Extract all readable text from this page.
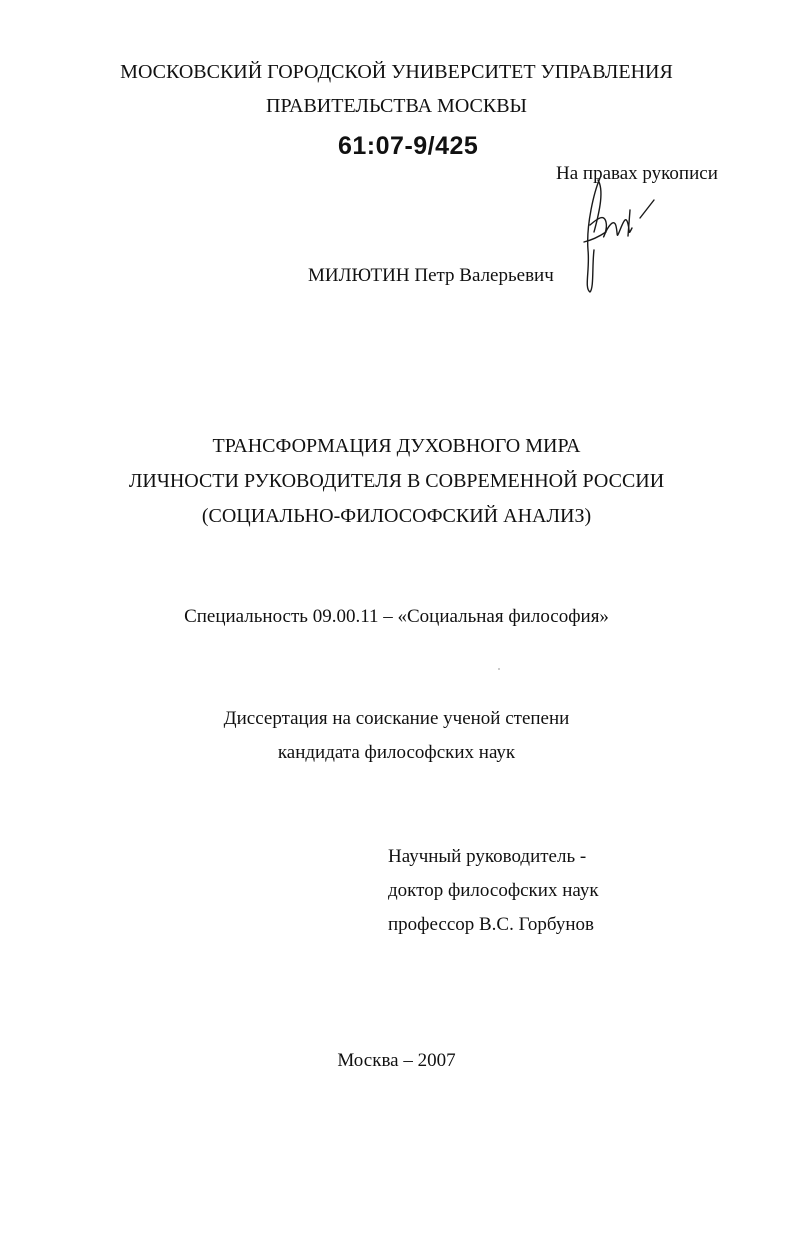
МОСКОВСКИЙ ГОРОДСКОЙ УНИВЕРСИТЕТ УПРАВЛЕНИЯ
ПРАВИТЕЛЬСТВА МОСКВЫ
61:07-9/425
На правах рукописи
МИЛЮТИН Петр Валерьевич
ТРАНСФОРМАЦИЯ ДУХОВНОГО МИРА
ЛИЧНОСТИ РУКОВОДИТЕЛЯ В СОВРЕМЕННОЙ РОССИИ
(СОЦИАЛЬНО-ФИЛОСОФСКИЙ АНАЛИЗ)
Специальность 09.00.11 – «Социальная философия»
Диссертация на соискание ученой степени
кандидата философских наук
Научный руководитель -
доктор философских наук
профессор В.С. Горбунов
Москва – 2007
